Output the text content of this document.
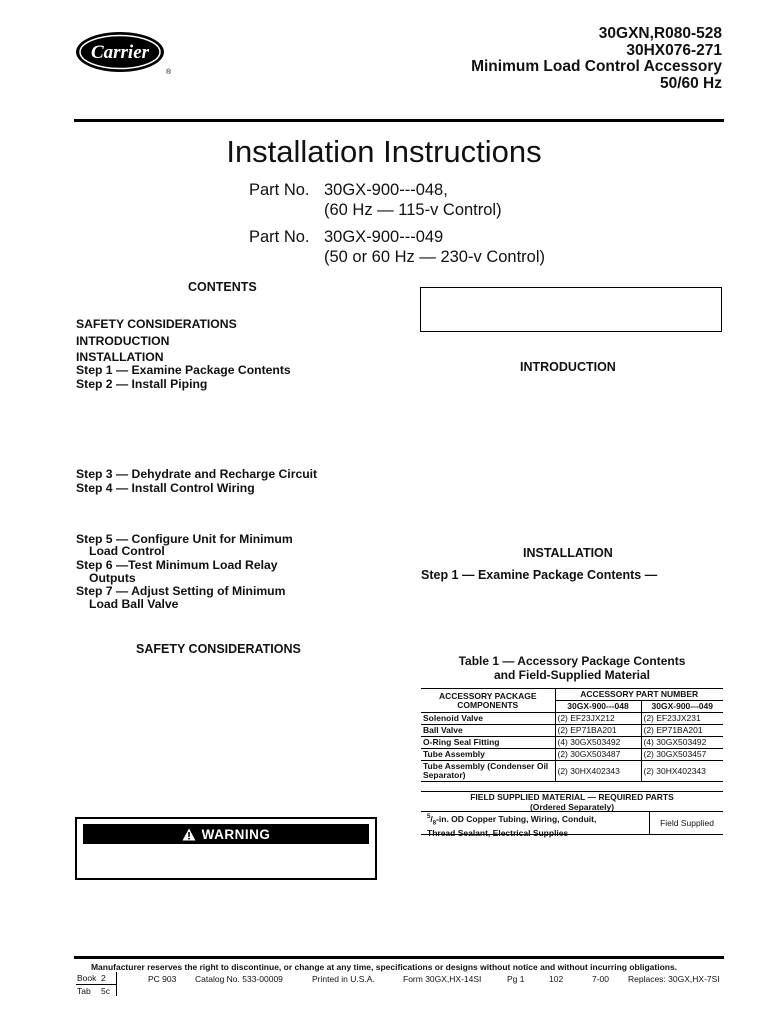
Carrier
®
30GXN,R080-528
30HX076-271
Minimum Load Control Accessory
50/60 Hz
Installation Instructions
Part No. 30GX-900---048,
(60 Hz — 115-v Control)
Part No. 30GX-900---049
(50 or 60 Hz — 230-v Control)
CONTENTS
SAFETY CONSIDERATIONS
INTRODUCTION
INSTALLATION
Step 1 — Examine Package Contents
Step 2 — Install Piping
Step 3 — Dehydrate and Recharge Circuit
Step 4 — Install Control Wiring
Step 5 — Configure Unit for Minimum
Load Control
Step 6 —Test Minimum Load Relay
Outputs
Step 7 — Adjust Setting of Minimum
Load Ball Valve
SAFETY CONSIDERATIONS
WARNING
INTRODUCTION
INSTALLATION
Step 1 — Examine Package Contents —
Table 1 — Accessory Package Contents
and Field-Supplied Material
ACCESSORY PACKAGE COMPONENTS	ACCESSORY PART NUMBER	
	30GX-900---048	30GX-900---049
Solenoid Valve	(2) EF23JX212	(2) EF23JX231
Ball Valve	(2) EP71BA201	(2) EP71BA201
O-Ring Seal Fitting	(4) 30GX503492	(4) 30GX503492
Tube Assembly	(2) 30GX503487	(2) 30GX503457
Tube Assembly (Condenser Oil Separator)	(2) 30HX402343	(2) 30HX402343
FIELD SUPPLIED MATERIAL — REQUIRED PARTS
(Ordered Separately)
$^5/_8-in$. OD Copper Tubing, Wiring, Conduit,
Thread Sealant, Electrical Supplies
Field Supplied
Manufacturer reserves the right to discontinue, or change at any time, specifications or designs without notice and without incurring obligations.
Book 2
Tab 5c
PC 903 Catalog No. 533-00009	Printed in U.S.A.	Form 30GX,HX-14SI	Pg 1	102	7-00 Replaces: 30GX,HX-7SI
